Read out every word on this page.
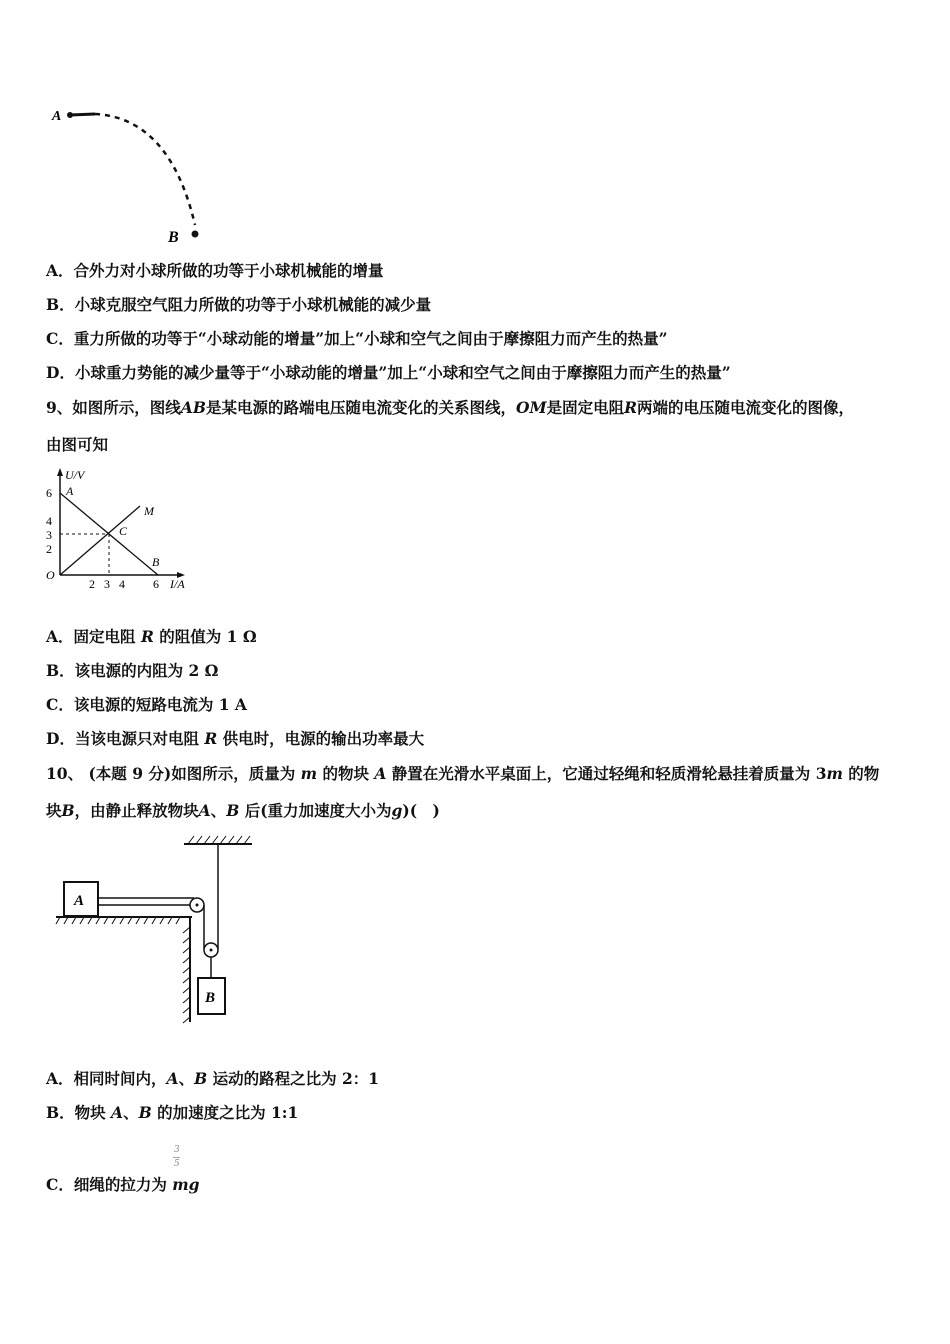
A
B
A．合外力对小球所做的功等于小球机械能的增量
B．小球克服空气阻力所做的功等于小球机械能的减少量
C．重力所做的功等于“小球动能的增量”加上“小球和空气之间由于摩擦阻力而产生的热量”
D．小球重力势能的减少量等于“小球动能的增量”加上“小球和空气之间由于摩擦阻力而产生的热量”
9、如图所示，图线AB是某电源的路端电压随电流变化的关系图线，OM是固定电阻R两端的电压随电流变化的图像，
由图可知
U/V
I/A
O
6
4
3
2
2 3 4 6
A
M
C
B
A．固定电阻 R 的阻值为 1 Ω
B．该电源的内阻为 2 Ω
C．该电源的短路电流为 1 A
D．当该电源只对电阻 R 供电时，电源的输出功率最大
10、 (本题 9 分)如图所示，质量为 m 的物块 A 静置在光滑水平桌面上，它通过轻绳和轻质滑轮悬挂着质量为 3m 的物
块B，由静止释放物块A、B 后(重力加速度大小为g)(　)
A
B
A．相同时间内，A、B 运动的路程之比为 2：1
B．物块 A、B 的加速度之比为 1:1
3
5
C．细绳的拉力为 mg
